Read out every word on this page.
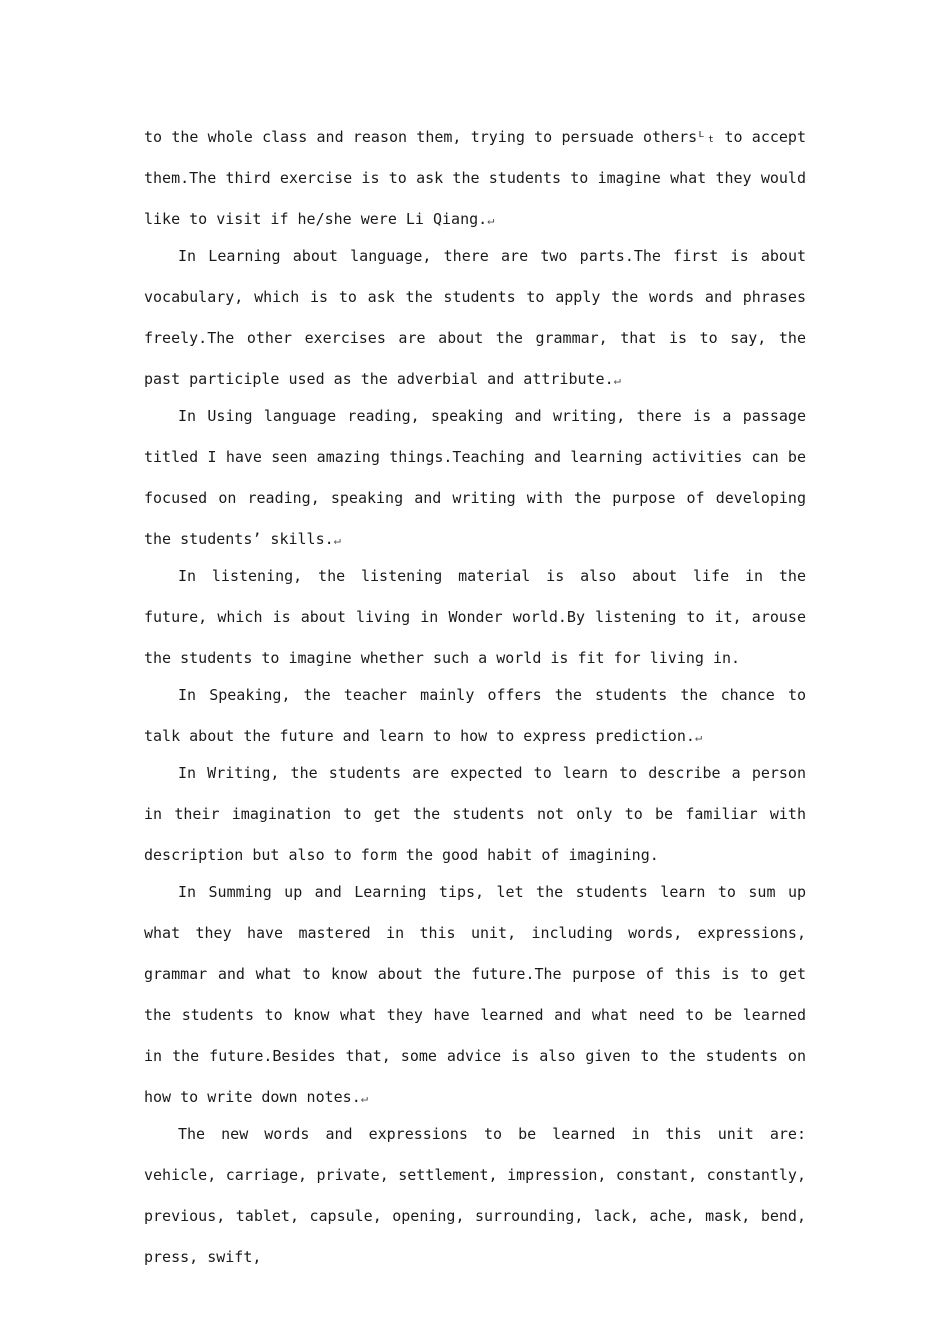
to the whole class and reason them, trying to persuade othersᴸₜ to accept them.The third exercise is to ask the students to imagine what they would like to visit if he/she were Li Qiang.↵

In Learning about language, there are two parts.The first is about vocabulary, which is to ask the students to apply the words and phrases freely.The other exercises are about the grammar, that is to say, the past participle used as the adverbial and attribute.↵

In Using language reading, speaking and writing, there is a passage titled I have seen amazing things.Teaching and learning activities can be focused on reading, speaking and writing with the purpose of developing the students’ skills.↵

In listening, the listening material is also about life in the future, which is about living in Wonder world.By listening to it, arouse the students to imagine whether such a world is fit for living in.

In Speaking, the teacher mainly offers the students the chance to talk about the future and learn to how to express prediction.↵

In Writing, the students are expected to learn to describe a person in their imagination to get the students not only to be familiar with description but also to form the good habit of imagining.

In Summing up and Learning tips, let the students learn to sum up what they have mastered in this unit, including words, expressions, grammar and what to know about the future.The purpose of this is to get the students to know what they have learned and what need to be learned in the future.Besides that, some advice is also given to the students on how to write down notes.↵

The new words and expressions to be learned in this unit are: vehicle, carriage, private, settlement, impression, constant, constantly, previous, tablet, capsule, opening, surrounding, lack, ache, mask, bend, press, swift,
